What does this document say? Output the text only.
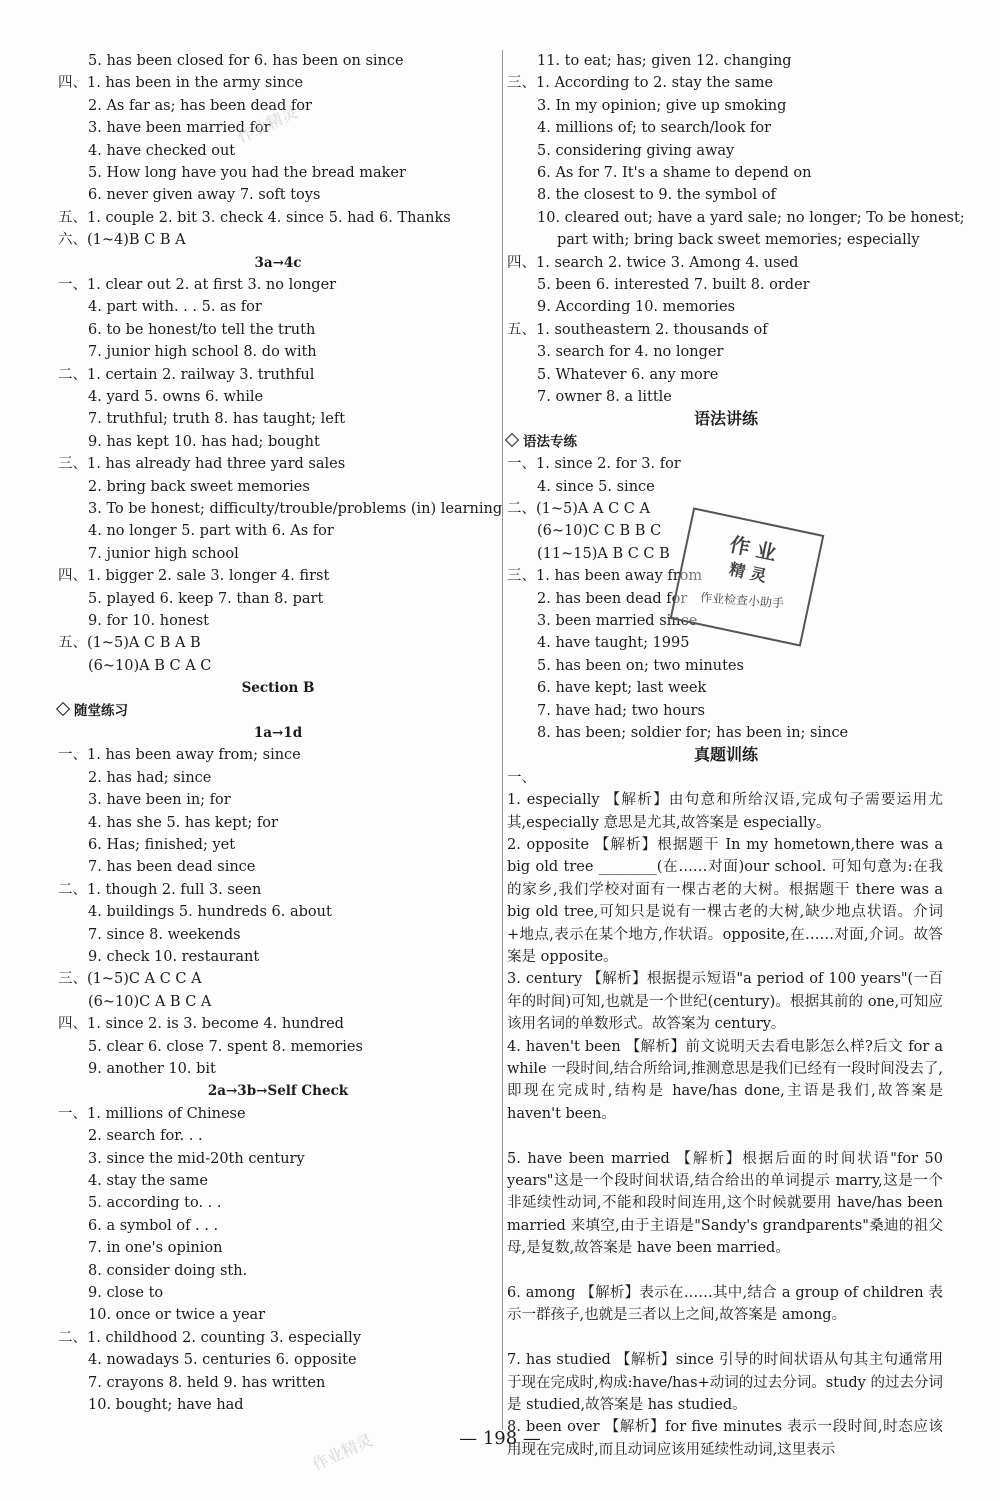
5. has been closed for 6. has been on since
四、1. has been in the army since
2. As far as; has been dead for
3. have been married for
4. have checked out
5. How long have you had the bread maker
6. never given away 7. soft toys
五、1. couple 2. bit 3. check 4. since 5. had 6. Thanks
六、(1~4)B C B A
3a→4c
一、1. clear out 2. at first 3. no longer
4. part with. . . 5. as for
6. to be honest/to tell the truth
7. junior high school 8. do with
二、1. certain 2. railway 3. truthful
4. yard 5. owns 6. while
7. truthful; truth 8. has taught; left
9. has kept 10. has had; bought
三、1. has already had three yard sales
2. bring back sweet memories
3. To be honest; difficulty/trouble/problems (in) learning
4. no longer 5. part with 6. As for
7. junior high school
四、1. bigger 2. sale 3. longer 4. first
5. played 6. keep 7. than 8. part
9. for 10. honest
五、(1~5)A C B A B
(6~10)A B C A C
Section B
随堂练习
1a→1d
一、1. has been away from; since
2. has had; since
3. have been in; for
4. has she 5. has kept; for
6. Has; finished; yet
7. has been dead since
二、1. though 2. full 3. seen
4. buildings 5. hundreds 6. about
7. since 8. weekends
9. check 10. restaurant
三、(1~5)C A C C A
(6~10)C A B C A
四、1. since 2. is 3. become 4. hundred
5. clear 6. close 7. spent 8. memories
9. another 10. bit
2a→3b→Self Check
一、1. millions of Chinese
2. search for. . .
3. since the mid-20th century
4. stay the same
5. according to. . .
6. a symbol of . . .
7. in one's opinion
8. consider doing sth.
9. close to
10. once or twice a year
二、1. childhood 2. counting 3. especially
4. nowadays 5. centuries 6. opposite
7. crayons 8. held 9. has written
10. bought; have had
11. to eat; has; given 12. changing
三、1. According to 2. stay the same
3. In my opinion; give up smoking
4. millions of; to search/look for
5. considering giving away
6. As for 7. It's a shame to depend on
8. the closest to 9. the symbol of
10. cleared out; have a yard sale; no longer; To be honest;
part with; bring back sweet memories; especially
四、1. search 2. twice 3. Among 4. used
5. been 6. interested 7. built 8. order
9. According 10. memories
五、1. southeastern 2. thousands of
3. search for 4. no longer
5. Whatever 6. any more
7. owner 8. a little
语法讲练
语法专练
一、1. since 2. for 3. for
4. since 5. since
二、(1~5)A A C C A
(6~10)C C B B C
(11~15)A B C C B
三、1. has been away from
2. has been dead for
3. been married since
4. have taught; 1995
5. has been on; two minutes
6. have kept; last week
7. have had; two hours
8. has been; soldier for; has been in; since
真题训练
一、
1. especially 【解析】由句意和所给汉语,完成句子需要运用尤其,especially 意思是尤其,故答案是 especially。
2. opposite 【解析】根据题干 In my hometown,there was a big old tree ________(在……对面)our school. 可知句意为:在我的家乡,我们学校对面有一棵古老的大树。根据题干 there was a big old tree,可知只是说有一棵古老的大树,缺少地点状语。介词+地点,表示在某个地方,作状语。opposite,在……对面,介词。故答案是 opposite。
3. century 【解析】根据提示短语"a period of 100 years"(一百年的时间)可知,也就是一个世纪(century)。根据其前的 one,可知应该用名词的单数形式。故答案为 century。
4. haven't been 【解析】前文说明天去看电影怎么样?后文 for a while 一段时间,结合所给词,推测意思是我们已经有一段时间没去了,即现在完成时,结构是 have/has done,主语是我们,故答案是 haven't been。
5. have been married 【解析】根据后面的时间状语"for 50 years"这是一个段时间状语,结合给出的单词提示 marry,这是一个非延续性动词,不能和段时间连用,这个时候就要用 have/has been married 来填空,由于主语是"Sandy's grandparents"桑迪的祖父母,是复数,故答案是 have been married。
6. among 【解析】表示在……其中,结合 a group of children 表示一群孩子,也就是三者以上之间,故答案是 among。
7. has studied 【解析】since 引导的时间状语从句其主句通常用于现在完成时,构成:have/has+动词的过去分词。study 的过去分词是 studied,故答案是 has studied。
8. been over 【解析】for five minutes 表示一段时间,时态应该用现在完成时,而且动词应该用延续性动词,这里表示
作 业
精 灵
作业检查小助手
作业精灵
作业精灵	— 198 —
